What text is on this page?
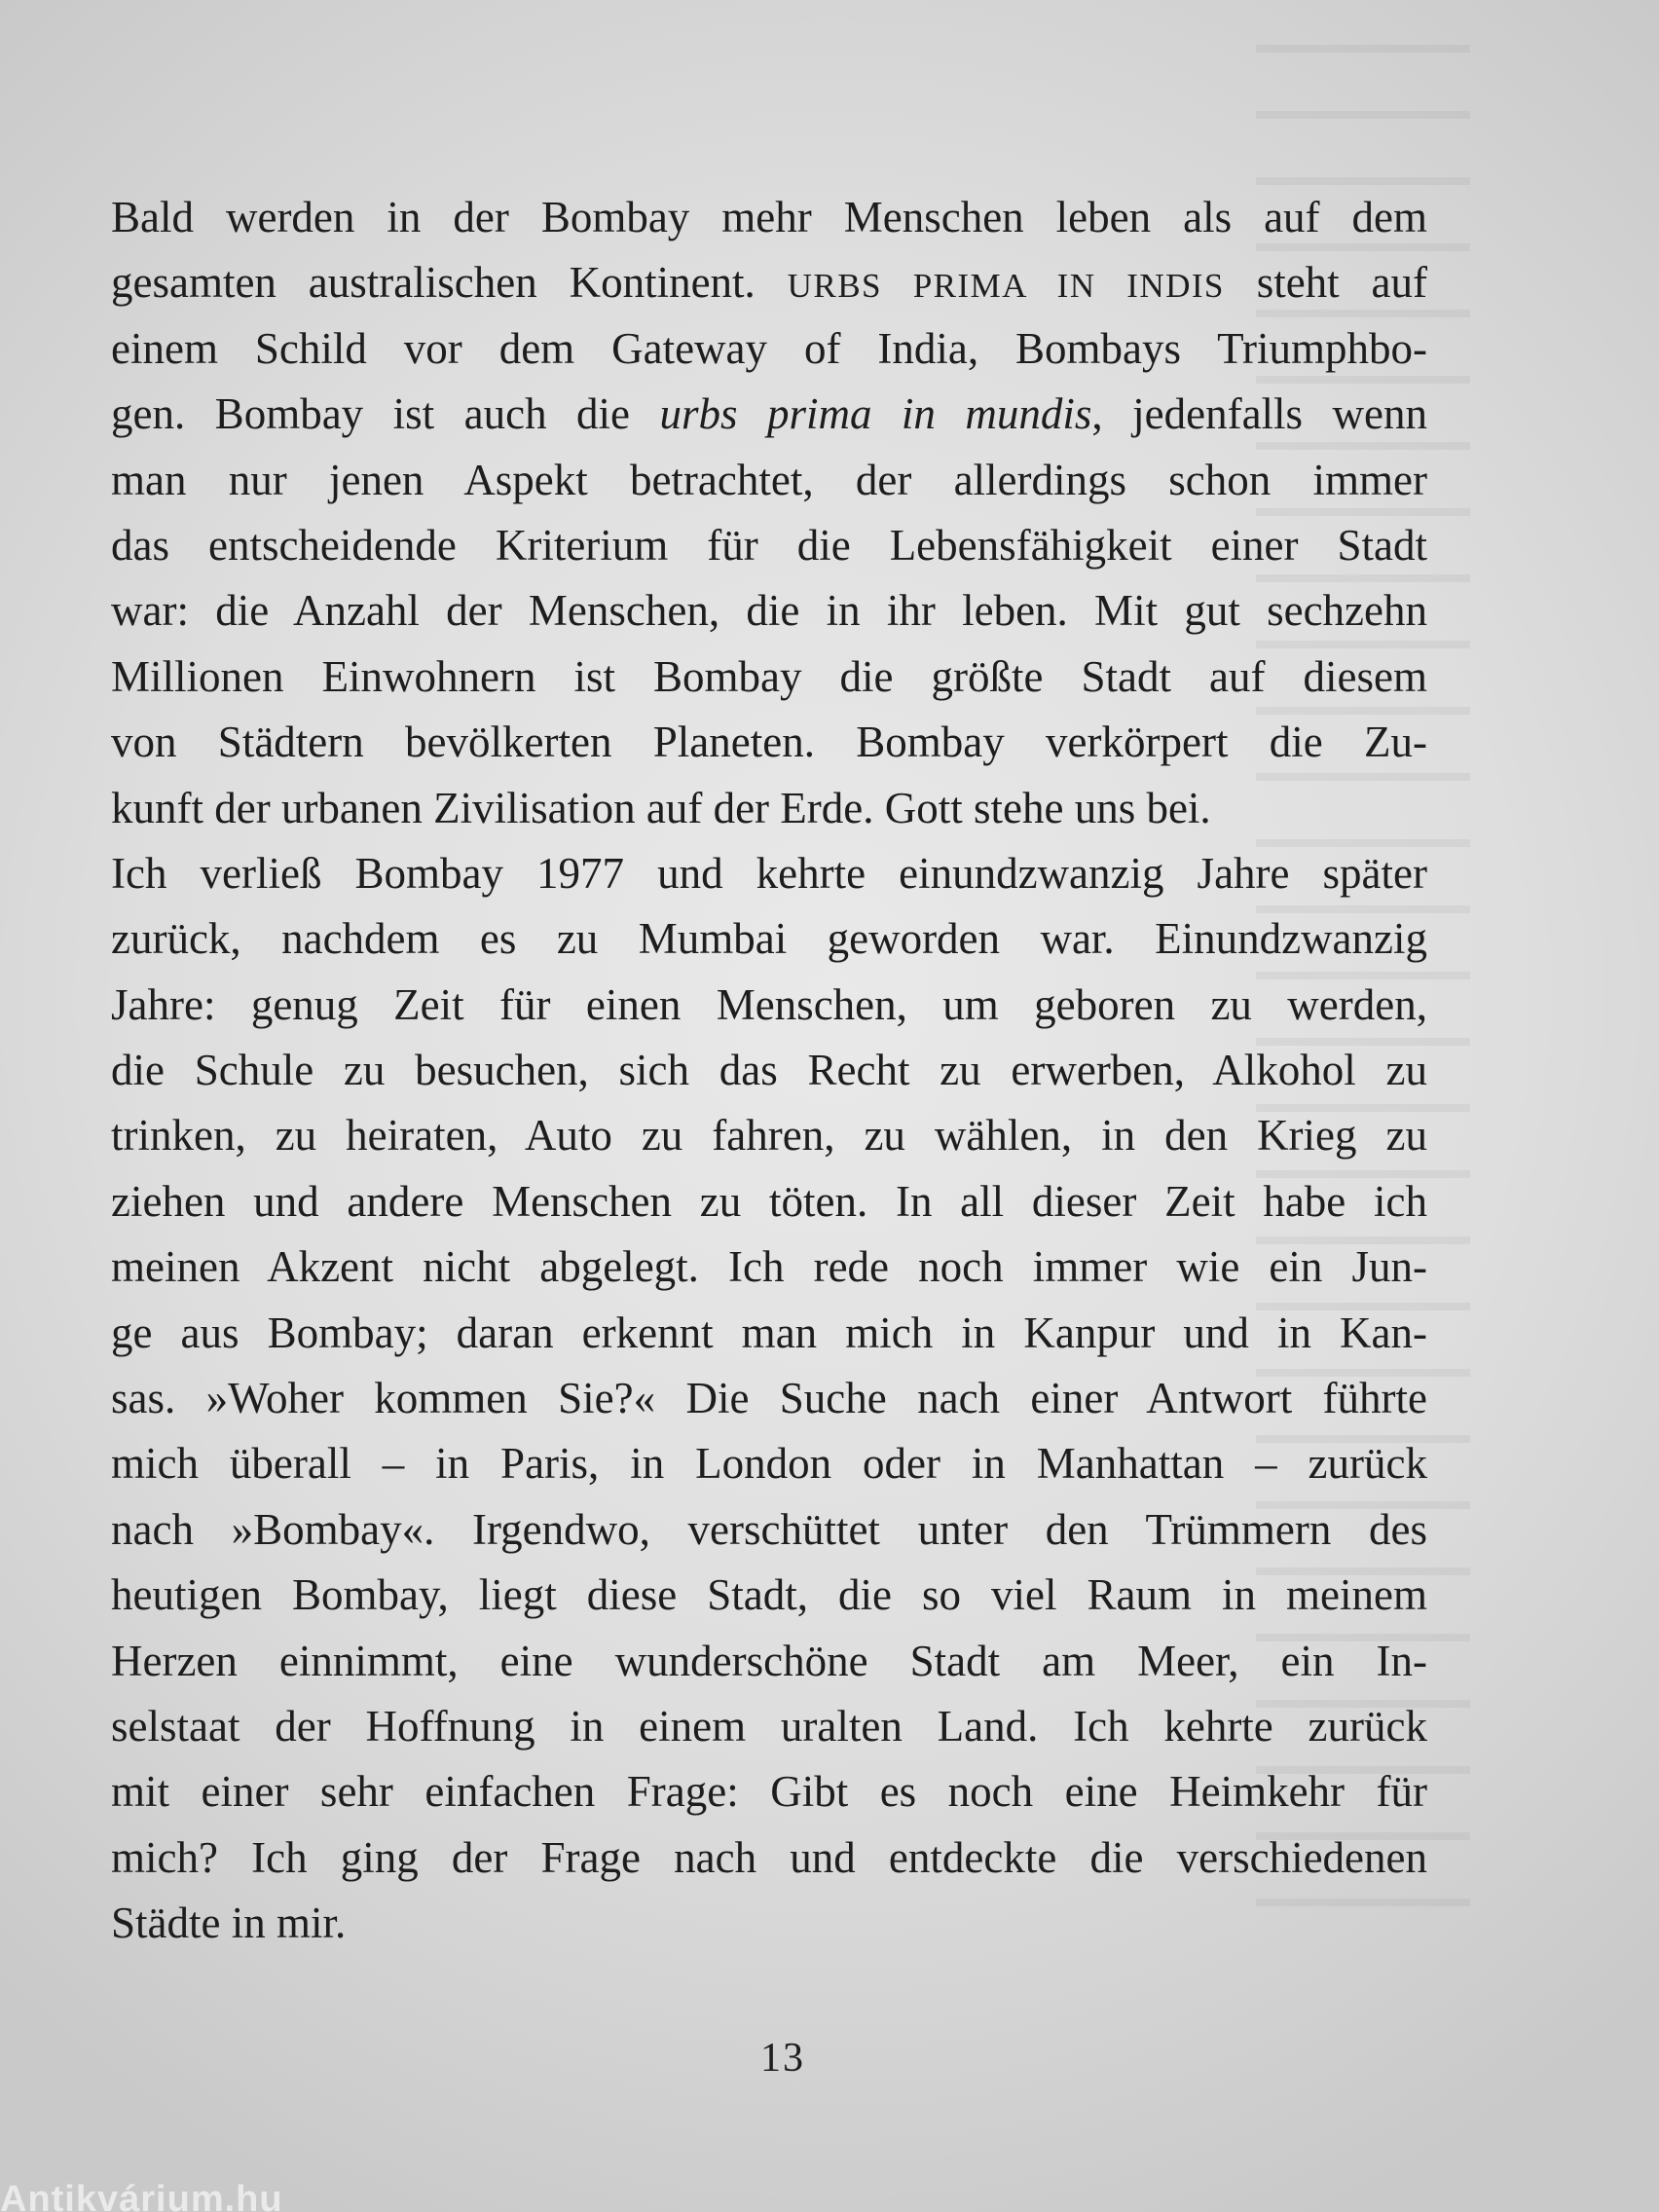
Bald werden in der Bombay mehr Menschen leben als auf dem
gesamten australischen Kontinent. URBS PRIMA IN INDIS steht auf
einem Schild vor dem Gateway of India, Bombays Triumphbo-
gen. Bombay ist auch die urbs prima in mundis, jedenfalls wenn
man nur jenen Aspekt betrachtet, der allerdings schon immer
das entscheidende Kriterium für die Lebensfähigkeit einer Stadt
war: die Anzahl der Menschen, die in ihr leben. Mit gut sechzehn
Millionen Einwohnern ist Bombay die größte Stadt auf diesem
von Städtern bevölkerten Planeten. Bombay verkörpert die Zu-
kunft der urbanen Zivilisation auf der Erde. Gott stehe uns bei.
Ich verließ Bombay 1977 und kehrte einundzwanzig Jahre später
zurück, nachdem es zu Mumbai geworden war. Einundzwanzig
Jahre: genug Zeit für einen Menschen, um geboren zu werden,
die Schule zu besuchen, sich das Recht zu erwerben, Alkohol zu
trinken, zu heiraten, Auto zu fahren, zu wählen, in den Krieg zu
ziehen und andere Menschen zu töten. In all dieser Zeit habe ich
meinen Akzent nicht abgelegt. Ich rede noch immer wie ein Jun-
ge aus Bombay; daran erkennt man mich in Kanpur und in Kan-
sas. »Woher kommen Sie?« Die Suche nach einer Antwort führte
mich überall – in Paris, in London oder in Manhattan – zurück
nach »Bombay«. Irgendwo, verschüttet unter den Trümmern des
heutigen Bombay, liegt diese Stadt, die so viel Raum in meinem
Herzen einnimmt, eine wunderschöne Stadt am Meer, ein In-
selstaat der Hoffnung in einem uralten Land. Ich kehrte zurück
mit einer sehr einfachen Frage: Gibt es noch eine Heimkehr für
mich? Ich ging der Frage nach und entdeckte die verschiedenen
Städte in mir.
13
Antikvárium.hu
